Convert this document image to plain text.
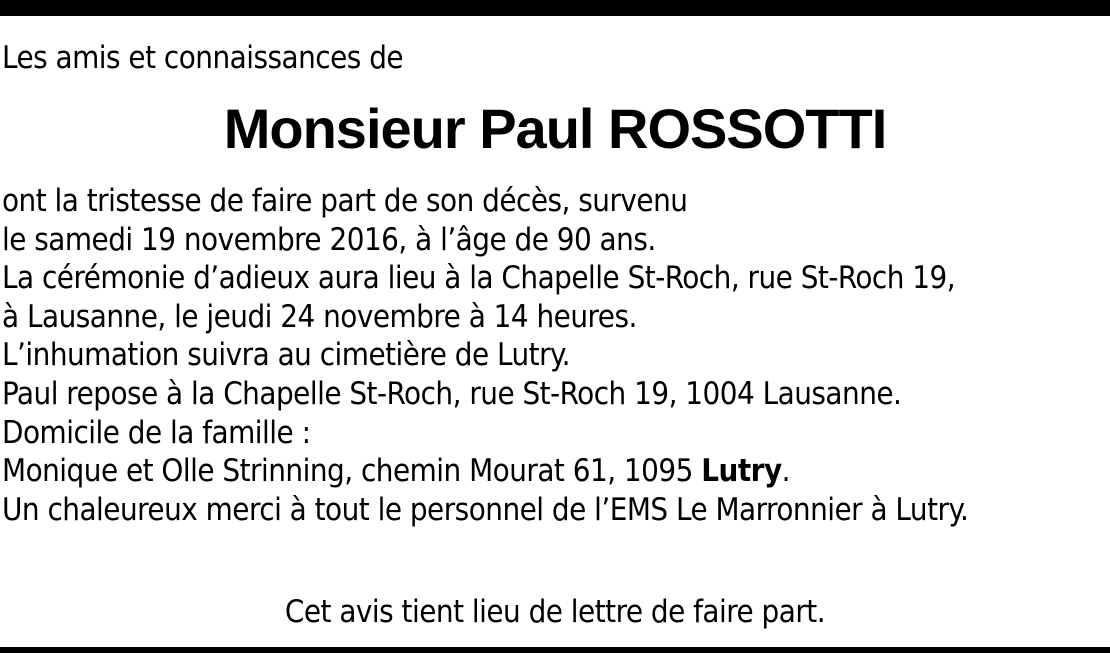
Les amis et connaissances de
Monsieur Paul ROSSOTTI
ont la tristesse de faire part de son décès, survenu
le samedi 19 novembre 2016, à l’âge de 90 ans.
La cérémonie d’adieux aura lieu à la Chapelle St-Roch, rue St-Roch 19,
à Lausanne, le jeudi 24 novembre à 14 heures.
L’inhumation suivra au cimetière de Lutry.
Paul repose à la Chapelle St-Roch, rue St-Roch 19, 1004 Lausanne.
Domicile de la famille :
Monique et Olle Strinning, chemin Mourat 61, 1095 Lutry.
Un chaleureux merci à tout le personnel de l’EMS Le Marronnier à Lutry.
Cet avis tient lieu de lettre de faire part.
